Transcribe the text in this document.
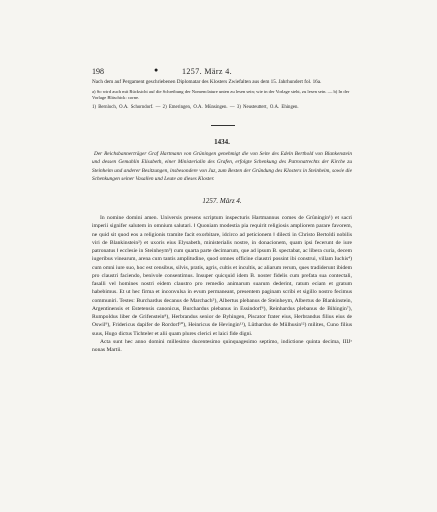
198	●	1257. März 4.
Nach dem auf Pergament geschriebenen Diplomatar des Klosters Zwiefalten aus dem 15. Jahrhundert fol. 16a.
a) So wird auch mit Rücksicht auf die Schreibung der Nomenclature unten zu lesen sein; wie in der Vorlage steht, zu lesen sein. — b) In der Vorlage Bläschick: corne.
1) Bernloch, O.A. Schorndorf. — 2) Emeringen, O.A. Münsingen. — 3) Neusteuttert, O.A. Ehingen.
1434.
Der Reichsbannerträger Graf Hartmann von Grüningen genehmigt die von Seite des Edeln Berthold von Blankenstein und dessen Gemahlin Elisabeth, einer Ministerialin des Grafen, erfolgte Schenkung des Patronatrechts der Kirche zu Steinheim und anderer Besitzungen, insbesondere von Juz, zum Besten der Gründung des Klosters in Steinheim, sowie die Schenkungen seiner Vasallen und Leute an dieses Kloster.
1257. März 4.

In nomine domini amen. Universis presens scriptum inspecturis Hartmannus comes de Grûningin¹) et sacri imperii signifer salutem in omnium salutari. ‖ Quoniam modestia pia requirit religiosis ampliorem parare favorem, ne quid sit quod eos a religionis tramite facit exorbitare, idcirco ad peticionem ‖ dilecti in Christo Bertoldi nobilis viri de Blankinstein²) et uxoris eius Elysabeth, ministerialis nostre, in donacionem, quam ipsi fecerunt de iure patronatus ‖ ecclesie in Steinheym³) cum quarta parte decimarum, que ad ipsum B. spectabat, ac libera curia, decem iugeribus vinearum, arena cum tantis amplitudine, quod omnes officine claustri possint ibi construi, villam Iuchis⁴) cum omni iure suo, hoc est censibus, silvis, pratis, agris, cultis et incultis, ac aliarum rerum, ques tradiderunt ibidem pro claustri faciendo, benivole consentimus. Insuper quicquid idem B. noster fidelis cum prefata sua contectali, fasalli vel homines nostri eidem claustro pro remedio animarum suarum dederint, ratum eciam et gratum habebimus. Et ut hec firma et inconvulsa in evum permaneant, presentem paginam scribi et sigillo nostro fecimus communiri. Testes: Burchardus decanus de Marchach⁵), Albertus plebanus de Steinheym, Albertus de Blankinstein, Argentinensis et Estetensis canonicus, Burchardus plebanus in Essindorf⁶), Reinhardus plebanus de Bihingin⁷), Rumpoldus liber de Grifenstein⁸), Herbrandus senior de Byhingen, Piscator frater eius, Herbrandus filius eius de Oswil⁹), Fridericus dapifer de Rordorf¹⁰), Heinricus de Hevingin¹¹), Lûthardus de Mûlhusin¹²) milites, Cuno filius suus, Hugo dictus Tichteler et alii quam plures clerici et laici fide digni.

Acta sunt hec anno domini millesimo ducentesimo quinquagesimo septimo, indictione quinta decima, IIIJᵃ nonas Martii.
